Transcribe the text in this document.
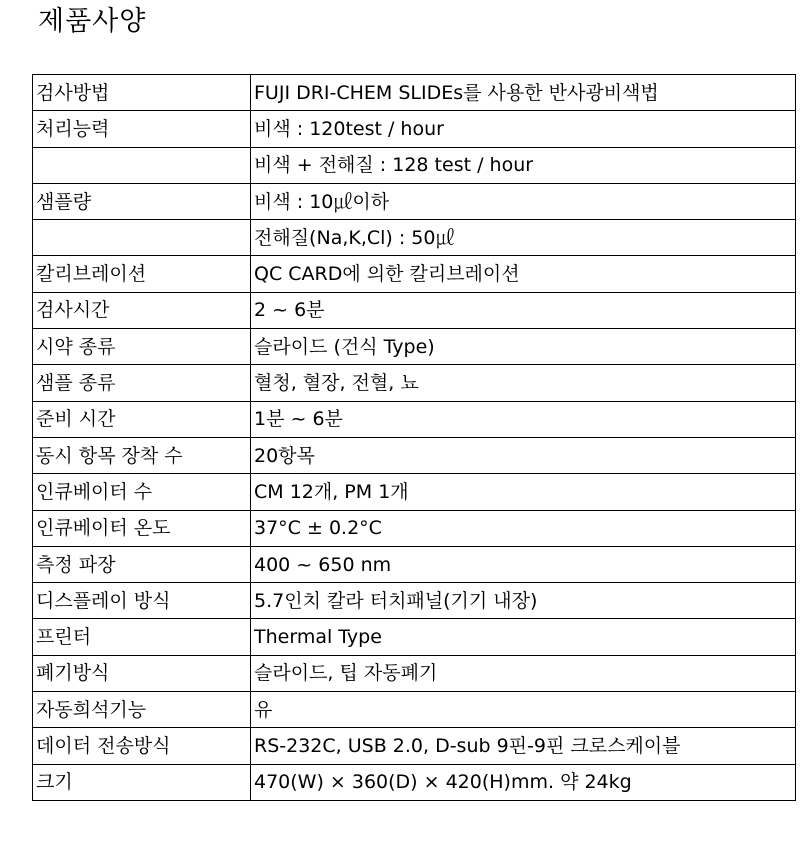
제품사양
검사방법	FUJI DRI-CHEM SLIDEs를 사용한 반사광비색법
처리능력	비색 : 120test / hour
	비색 + 전해질 : 128 test / hour
샘플량	비색 : 10㎕이하
	전해질(Na,K,Cl) : 50㎕
칼리브레이션	QC CARD에 의한 칼리브레이션
검사시간	2 ~ 6분
시약 종류	슬라이드 (건식 Type)
샘플 종류	혈청, 혈장, 전혈, 뇨
준비 시간	1분 ~ 6분
동시 항목 장착 수	20항목
인큐베이터 수	CM 12개, PM 1개
인큐베이터 온도	37°C ± 0.2°C
측정 파장	400 ~ 650 nm
디스플레이 방식	5.7인치 칼라 터치패널(기기 내장)
프린터	Thermal Type
폐기방식	슬라이드, 팁 자동폐기
자동희석기능	유
데이터 전송방식	RS-232C, USB 2.0, D-sub 9핀-9핀 크로스케이블
크기	470(W) × 360(D) × 420(H)mm. 약 24kg
